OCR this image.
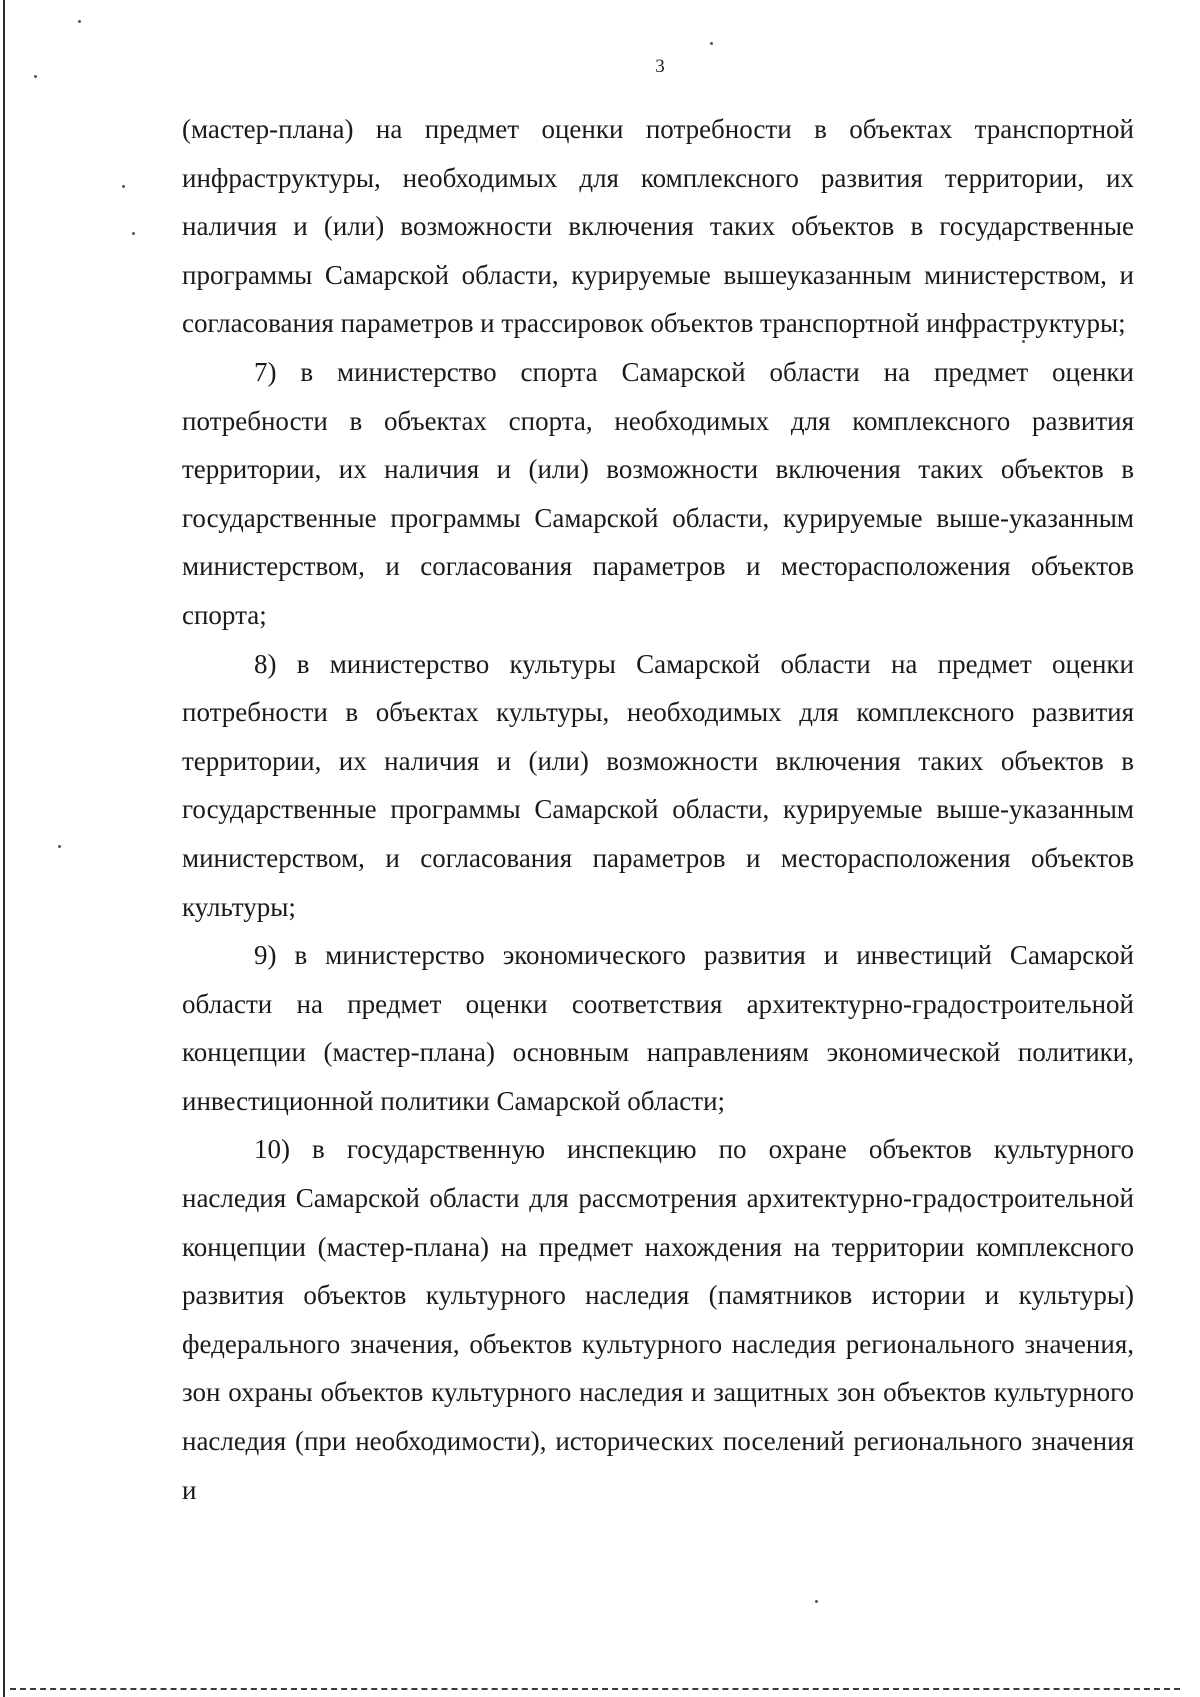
3

(мастер-плана) на предмет оценки потребности в объектах транспортной инфраструктуры, необходимых для комплексного развития территории, их наличия и (или) возможности включения таких объектов в государственные программы Самарской области, курируемые вышеуказанным министерством, и согласования параметров и трассировок объектов транспортной инфраструктуры;

7) в министерство спорта Самарской области на предмет оценки потребности в объектах спорта, необходимых для комплексного развития территории, их наличия и (или) возможности включения таких объектов в государственные программы Самарской области, курируемые выше-указанным министерством, и согласования параметров и месторасположения объектов спорта;

8) в министерство культуры Самарской области на предмет оценки потребности в объектах культуры, необходимых для комплексного развития территории, их наличия и (или) возможности включения таких объектов в государственные программы Самарской области, курируемые выше-указанным министерством, и согласования параметров и месторасположения объектов культуры;

9) в министерство экономического развития и инвестиций Самарской области на предмет оценки соответствия архитектурно-градостроительной концепции (мастер-плана) основным направлениям экономической политики, инвестиционной политики Самарской области;

10) в государственную инспекцию по охране объектов культурного наследия Самарской области для рассмотрения архитектурно-градостроительной концепции (мастер-плана) на предмет нахождения на территории комплексного развития объектов культурного наследия (памятников истории и культуры) федерального значения, объектов культурного наследия регионального значения, зон охраны объектов культурного наследия и защитных зон объектов культурного наследия (при необходимости), исторических поселений регионального значения и
